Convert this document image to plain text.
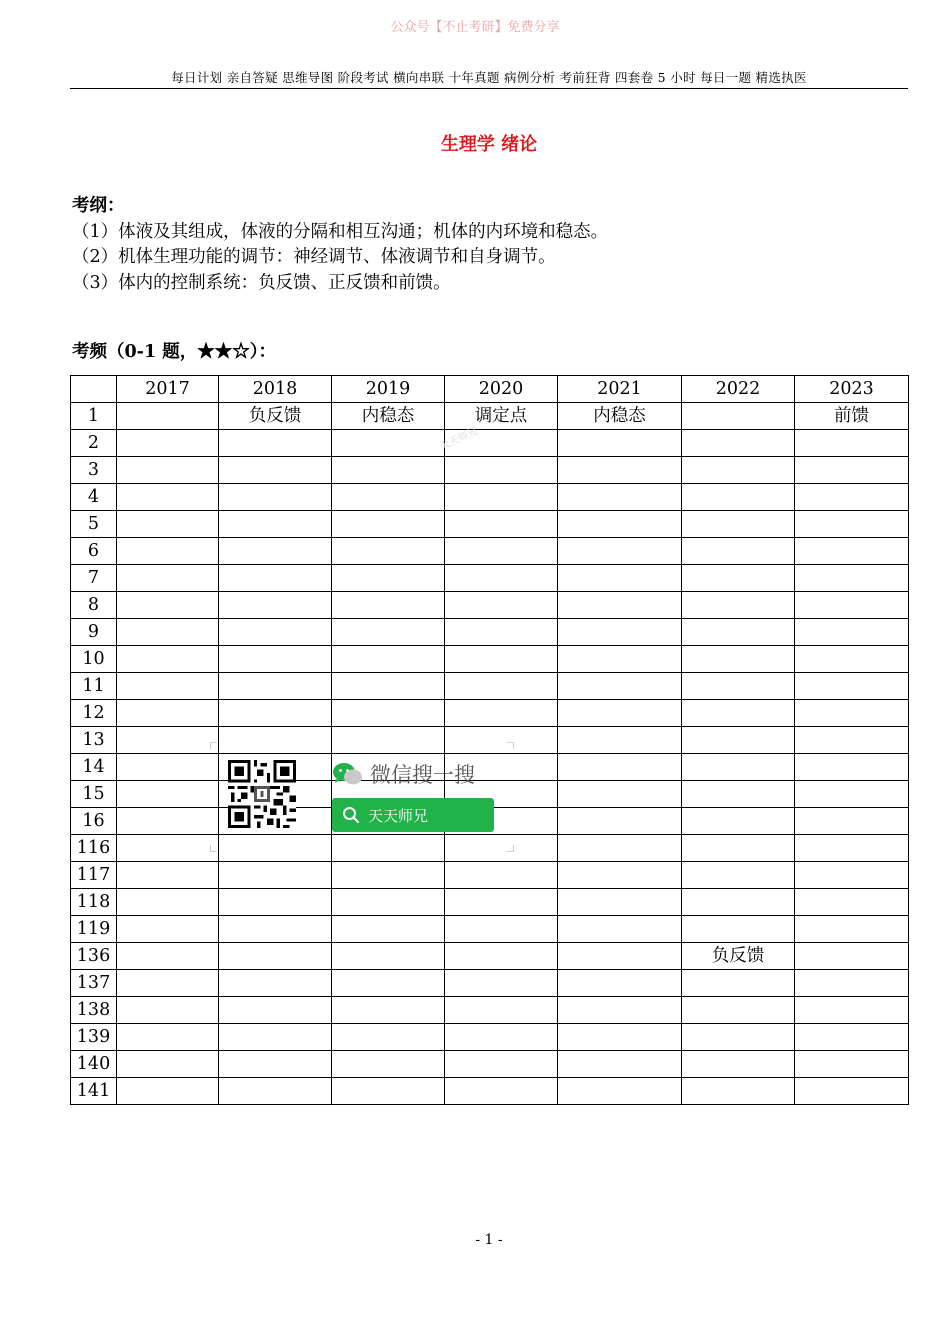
公众号【不止考研】免费分享
每日计划 亲自答疑 思维导图 阶段考试 横向串联 十年真题 病例分析 考前狂背 四套卷 5 小时 每日一题 精选执医
生理学 绪论
考纲：
（1）体液及其组成，体液的分隔和相互沟通；机体的内环境和稳态。
（2）机体生理功能的调节：神经调节、体液调节和自身调节。
（3）体内的控制系统：负反馈、正反馈和前馈。
考频（0-1 题，★★☆）：
	2017	2018	2019	2020	2021	2022	2023
1		负反馈	内稳态	调定点	内稳态		前馈
2							
3							
4							
5							
6							
7							
8							
9							
10							
11							
12							
13							
14							
15							
16							
116							
117							
118							
119							
136						负反馈	
137							
138							
139							
140							
141							
天天师兄
微信搜一搜
天天师兄
- 1 -
